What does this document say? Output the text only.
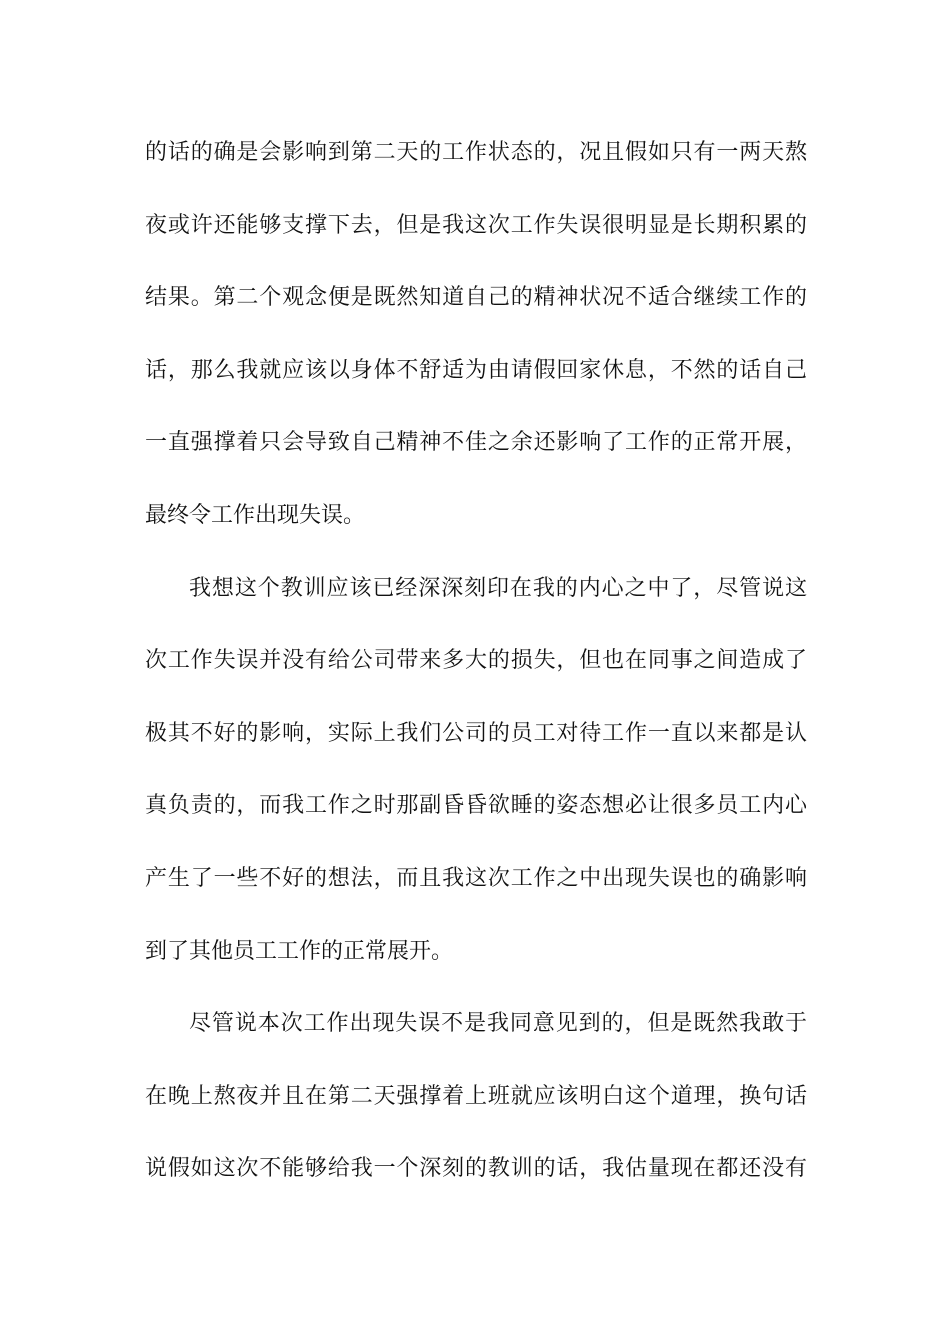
的话的确是会影响到第二天的工作状态的，况且假如只有一两天熬
夜或许还能够支撑下去，但是我这次工作失误很明显是长期积累的
结果。第二个观念便是既然知道自己的精神状况不适合继续工作的
话，那么我就应该以身体不舒适为由请假回家休息，不然的话自己
一直强撑着只会导致自己精神不佳之余还影响了工作的正常开展，
最终令工作出现失误。
我想这个教训应该已经深深刻印在我的内心之中了，尽管说这
次工作失误并没有给公司带来多大的损失，但也在同事之间造成了
极其不好的影响，实际上我们公司的员工对待工作一直以来都是认
真负责的，而我工作之时那副昏昏欲睡的姿态想必让很多员工内心
产生了一些不好的想法，而且我这次工作之中出现失误也的确影响
到了其他员工工作的正常展开。
尽管说本次工作出现失误不是我同意见到的，但是既然我敢于
在晚上熬夜并且在第二天强撑着上班就应该明白这个道理，换句话
说假如这次不能够给我一个深刻的教训的话，我估量现在都还没有
